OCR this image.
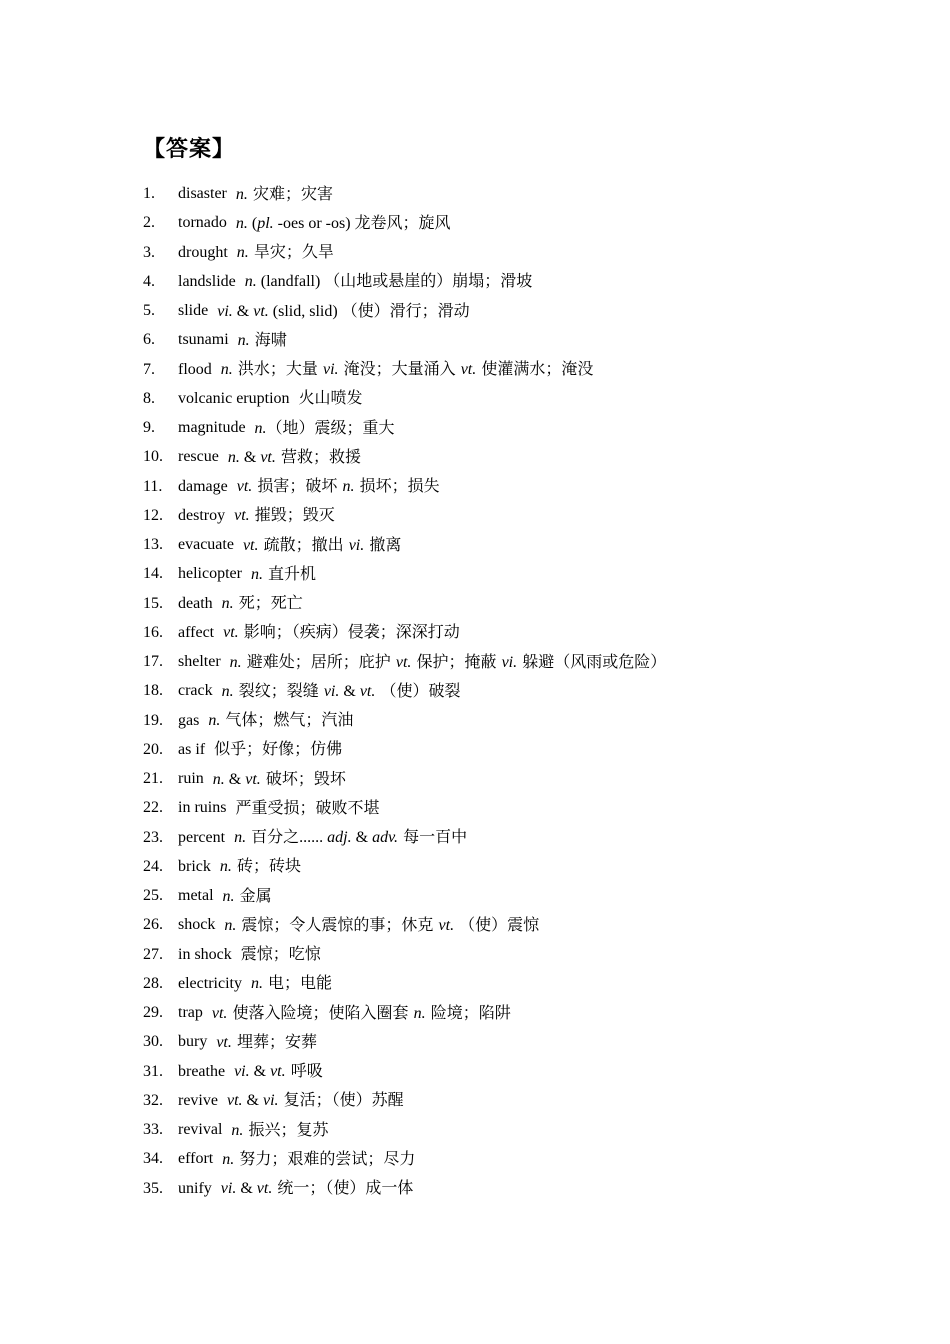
【答案】
1.	disaster n. 灾难；灾害
2.	tornado n. (pl. -oes or -os) 龙卷风；旋风
3.	drought n. 旱灾；久旱
4.	landslide n. (landfall) （山地或悬崖的）崩塌；滑坡
5.	slide vi. & vt. (slid, slid) （使）滑行；滑动
6.	tsunami n. 海啸
7.	flood n. 洪水；大量 vi. 淹没；大量涌入 vt. 使灌满水；淹没
8.	volcanic eruption 火山喷发
9.	magnitude n.（地）震级；重大
10. rescue n. & vt. 营救；救援
11. damage vt. 损害；破坏 n. 损坏；损失
12. destroy vt. 摧毁；毁灭
13. evacuate vt. 疏散；撤出 vi. 撤离
14. helicopter n. 直升机
15. death n. 死；死亡
16. affect vt. 影响；（疾病）侵袭；深深打动
17. shelter n. 避难处；居所；庇护 vt. 保护；掩蔽 vi. 躲避（风雨或危险）
18. crack n. 裂纹；裂缝 vi. & vt. （使）破裂
19. gas n. 气体；燃气；汽油
20. as if 似乎；好像；仿佛
21. ruin n. & vt. 破坏；毁坏
22. in ruins 严重受损；破败不堪
23. percent n. 百分之...... adj. & adv. 每一百中
24. brick n. 砖；砖块
25. metal n. 金属
26. shock n. 震惊；令人震惊的事；休克 vt. （使）震惊
27. in shock 震惊；吃惊
28. electricity n. 电；电能
29. trap vt. 使落入险境；使陷入圈套 n. 险境；陷阱
30. bury vt. 埋葬；安葬
31. breathe vi. & vt. 呼吸
32. revive vt. & vi. 复活；（使）苏醒
33. revival n. 振兴；复苏
34. effort n. 努力；艰难的尝试；尽力
35. unify vi. & vt. 统一；（使）成一体
